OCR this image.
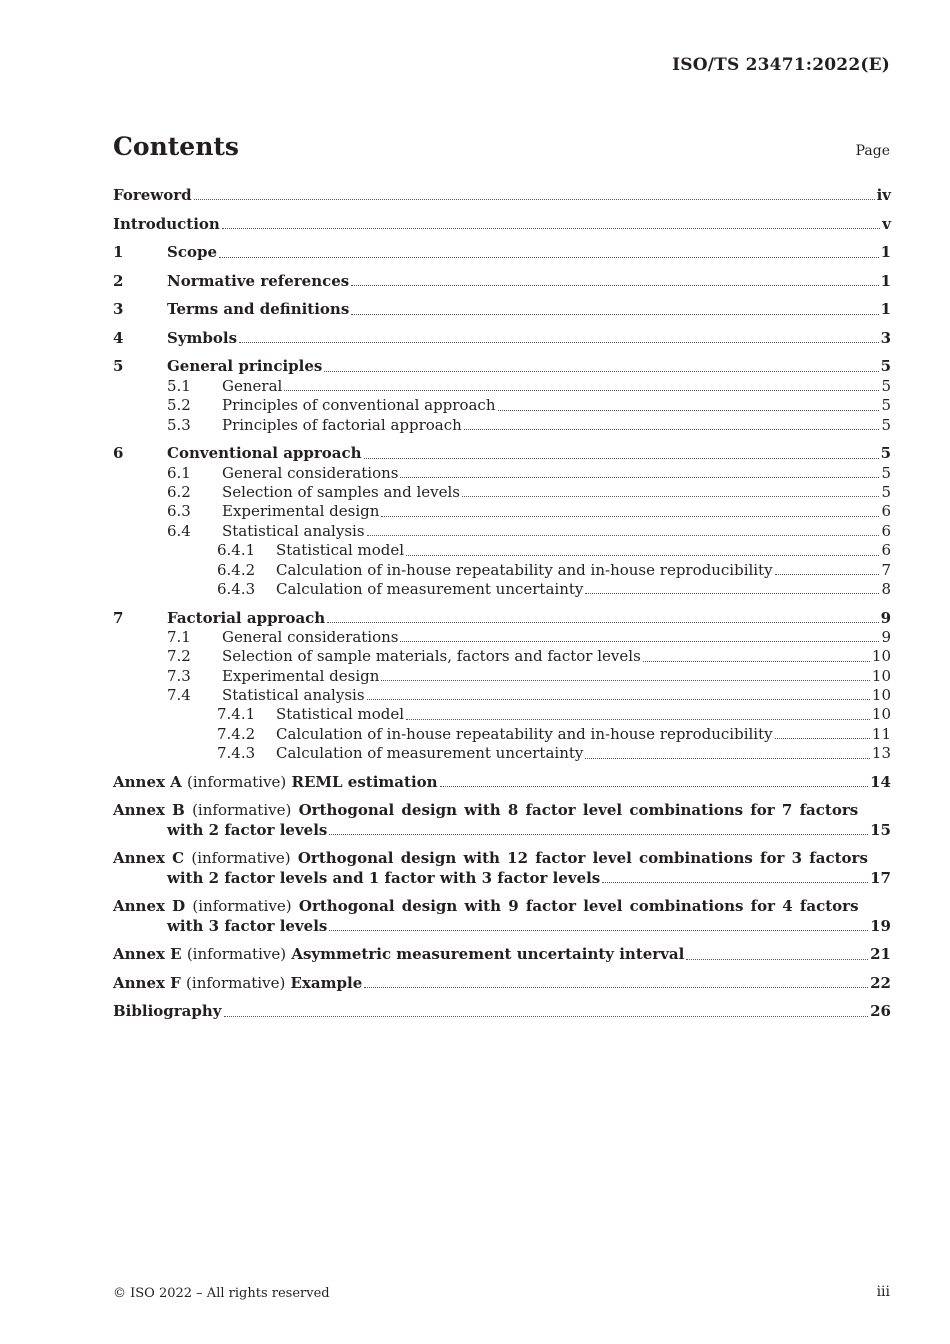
ISO/TS 23471:2022(E)
Contents	Page
Foreword	iv
Introduction	v
1	Scope	1
2	Normative references	1
3	Terms and definitions	1
4	Symbols	3
5	General principles	5
5.1	General	5
5.2	Principles of conventional approach	5
5.3	Principles of factorial approach	5
6	Conventional approach	5
6.1	General considerations	5
6.2	Selection of samples and levels	5
6.3	Experimental design	6
6.4	Statistical analysis	6
6.4.1	Statistical model	6
6.4.2	Calculation of in-house repeatability and in-house reproducibility	7
6.4.3	Calculation of measurement uncertainty	8
7	Factorial approach	9
7.1	General considerations	9
7.2	Selection of sample materials, factors and factor levels	10
7.3	Experimental design	10
7.4	Statistical analysis	10
7.4.1	Statistical model	10
7.4.2	Calculation of in-house repeatability and in-house reproducibility	11
7.4.3	Calculation of measurement uncertainty	13
Annex A (informative) REML estimation	14
Annex B (informative) Orthogonal design with 8 factor level combinations for 7 factors
with 2 factor levels	15
Annex C (informative) Orthogonal design with 12 factor level combinations for 3 factors
with 2 factor levels and 1 factor with 3 factor levels	17
Annex D (informative) Orthogonal design with 9 factor level combinations for 4 factors
with 3 factor levels	19
Annex E (informative) Asymmetric measurement uncertainty interval	21
Annex F (informative) Example	22
Bibliography	26
© ISO 2022 – All rights reserved	iii
